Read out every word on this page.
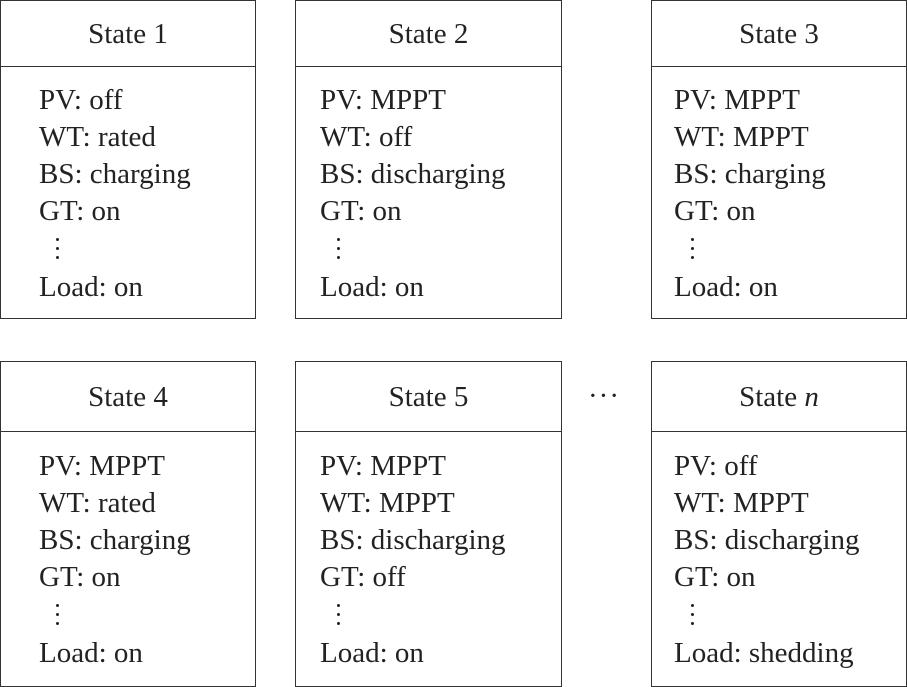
State 1
PV: off
WT: rated
BS: charging
GT: on
Load: on
State 2
PV: MPPT
WT: off
BS: discharging
GT: on
Load: on
State 3
PV: MPPT
WT: MPPT
BS: charging
GT: on
Load: on
State 4
PV: MPPT
WT: rated
BS: charging
GT: on
Load: on
State 5
PV: MPPT
WT: MPPT
BS: discharging
GT: off
Load: on
···	State n
PV: off
WT: MPPT
BS: discharging
GT: on
Load: shedding
